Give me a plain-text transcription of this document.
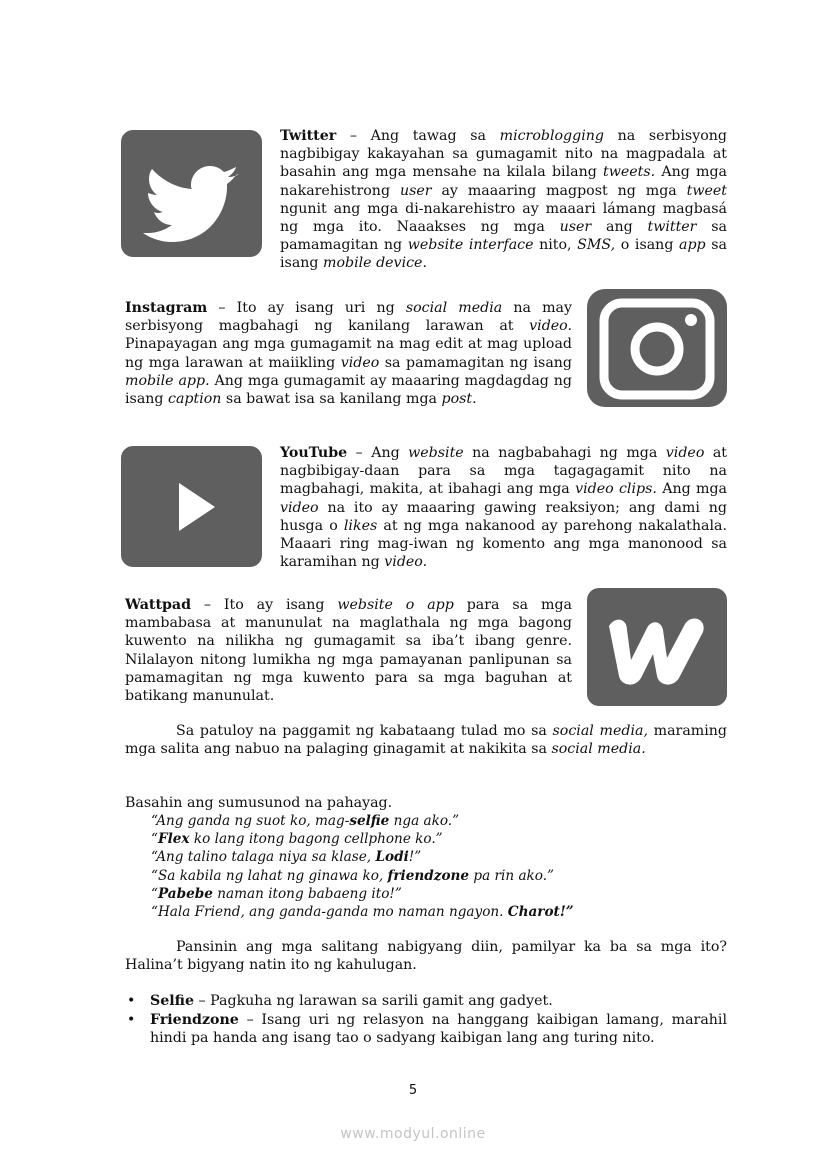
Twitter – Ang tawag sa microblogging na serbisyong nagbibigay kakayahan sa gumagamit nito na magpadala at basahin ang mga mensahe na kilala bilang tweets. Ang mga nakarehistrong user ay maaaring magpost ng mga tweet ngunit ang mga di-nakarehistro ay maaari lámang magbasá ng mga ito. Naaakses ng mga user ang twitter sa pamamagitan ng website interface nito, SMS, o isang app sa isang mobile device.
Instagram – Ito ay isang uri ng social media na may serbisyong magbahagi ng kanilang larawan at video. Pinapayagan ang mga gumagamit na mag edit at mag upload ng mga larawan at maiikling video sa pamamagitan ng isang mobile app. Ang mga gumagamit ay maaaring magdagdag ng isang caption sa bawat isa sa kanilang mga post.
YouTube – Ang website na nagbabahagi ng mga video at nagbibigay-daan para sa mga tagagagamit nito na magbahagi, makita, at ibahagi ang mga video clips. Ang mga video na ito ay maaaring gawing reaksiyon; ang dami ng husga o likes at ng mga nakanood ay parehong nakalathala. Maaari ring mag-iwan ng komento ang mga manonood sa karamihan ng video.
Wattpad – Ito ay isang website o app para sa mga mambabasa at manunulat na maglathala ng mga bagong kuwento na nilikha ng gumagamit sa iba’t ibang genre. Nilalayon nitong lumikha ng mga pamayanan panlipunan sa pamamagitan ng mga kuwento para sa mga baguhan at batikang manunulat.
Sa patuloy na paggamit ng kabataang tulad mo sa social media, maraming mga salita ang nabuo na palaging ginagamit at nakikita sa social media.
Basahin ang sumusunod na pahayag.
“Ang ganda ng suot ko, mag-selfie nga ako.”
“Flex ko lang itong bagong cellphone ko.”
“Ang talino talaga niya sa klase, Lodi!”
“Sa kabila ng lahat ng ginawa ko, friendzone pa rin ako.”
“Pabebe naman itong babaeng ito!”
“Hala Friend, ang ganda-ganda mo naman ngayon. Charot!”
Pansinin ang mga salitang nabigyang diin, pamilyar ka ba sa mga ito? Halina’t bigyang natin ito ng kahulugan.
• Selfie – Pagkuha ng larawan sa sarili gamit ang gadyet.
• Friendzone – Isang uri ng relasyon na hanggang kaibigan lamang, marahil hindi pa handa ang isang tao o sadyang kaibigan lang ang turing nito.
5
www.modyul.online
